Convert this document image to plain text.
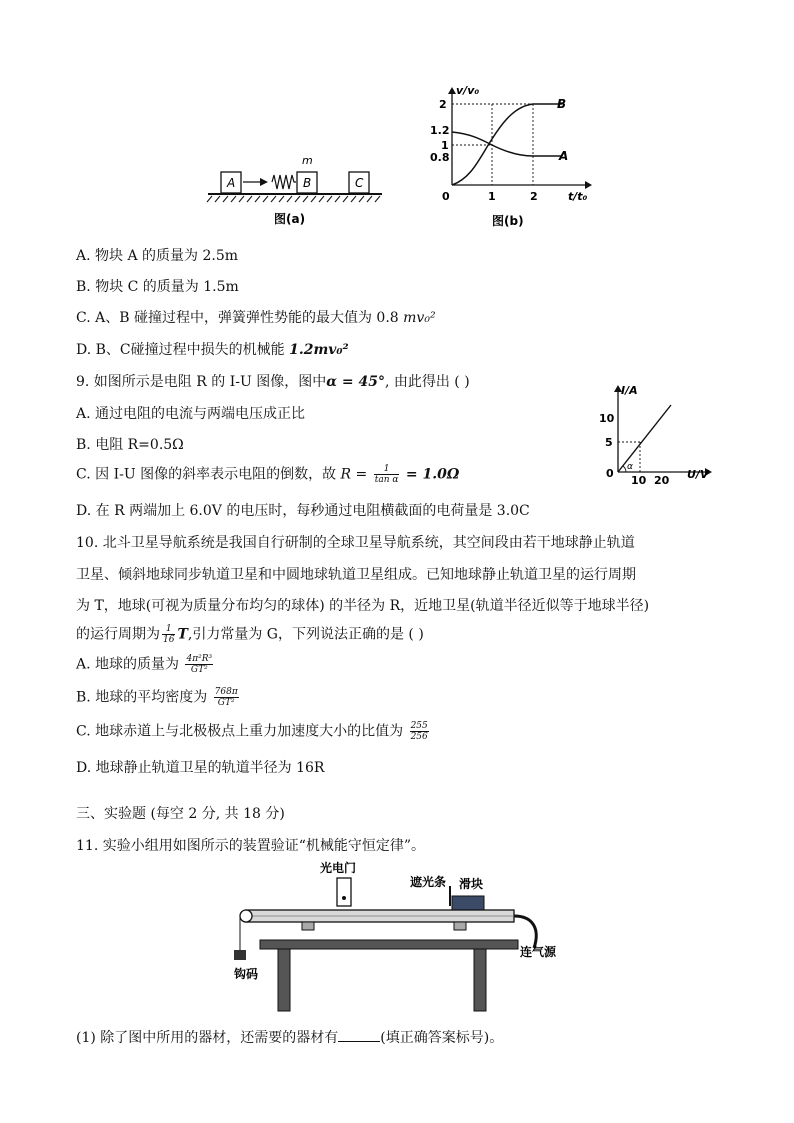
A	B
m
C
图(a)
v/v₀
t/t₀
0
2
1.2
1
0.8
1	2
B
A
图(b)
A. 物块 A 的质量为 2.5m
B. 物块 C 的质量为 1.5m
C. A、B 碰撞过程中，弹簧弹性势能的最大值为 0.8 mv₀²
D. B、C碰撞过程中损失的机械能 1.2mv₀²
9. 如图所示是电阻 R 的 I-U 图像，图中α = 45°, 由此得出 ( )
A. 通过电阻的电流与两端电压成正比
B. 电阻 R=0.5Ω
C. 因 I-U 图像的斜率表示电阻的倒数，故 $R = \frac{1}{\text{tan α}} = 1.0\Omega$
D. 在 R 两端加上 6.0V 的电压时，每秒通过电阻横截面的电荷量是 3.0C
I/A
U/V
0
10
5
10 20
α
10. 北斗卫星导航系统是我国自行研制的全球卫星导航系统，其空间段由若干地球静止轨道
卫星、倾斜地球同步轨道卫星和中圆地球轨道卫星组成。已知地球静止轨道卫星的运行周期
为 T，地球(可视为质量分布均匀的球体) 的半径为 R，近地卫星(轨道半径近似等于地球半径)
的运行周期为 $\frac{1}{16} T$,引力常量为 G，下列说法正确的是 ( )
A. 地球的质量为 $\frac{\text{4π²R³}}{\text{GT²}}$
B. 地球的平均密度为 $\frac{768\pi}{\text{GT²}}$
C. 地球赤道上与北极极点上重力加速度大小的比值为 $\frac{255}{256}$
D. 地球静止轨道卫星的轨道半径为 16R
三、实验题 (每空 2 分, 共 18 分)
11. 实验小组用如图所示的装置验证“机械能守恒定律”。
光电门
遮光条 滑块
钩码
连气源
(1) 除了图中所用的器材，还需要的器材有	(填正确答案标号)。
